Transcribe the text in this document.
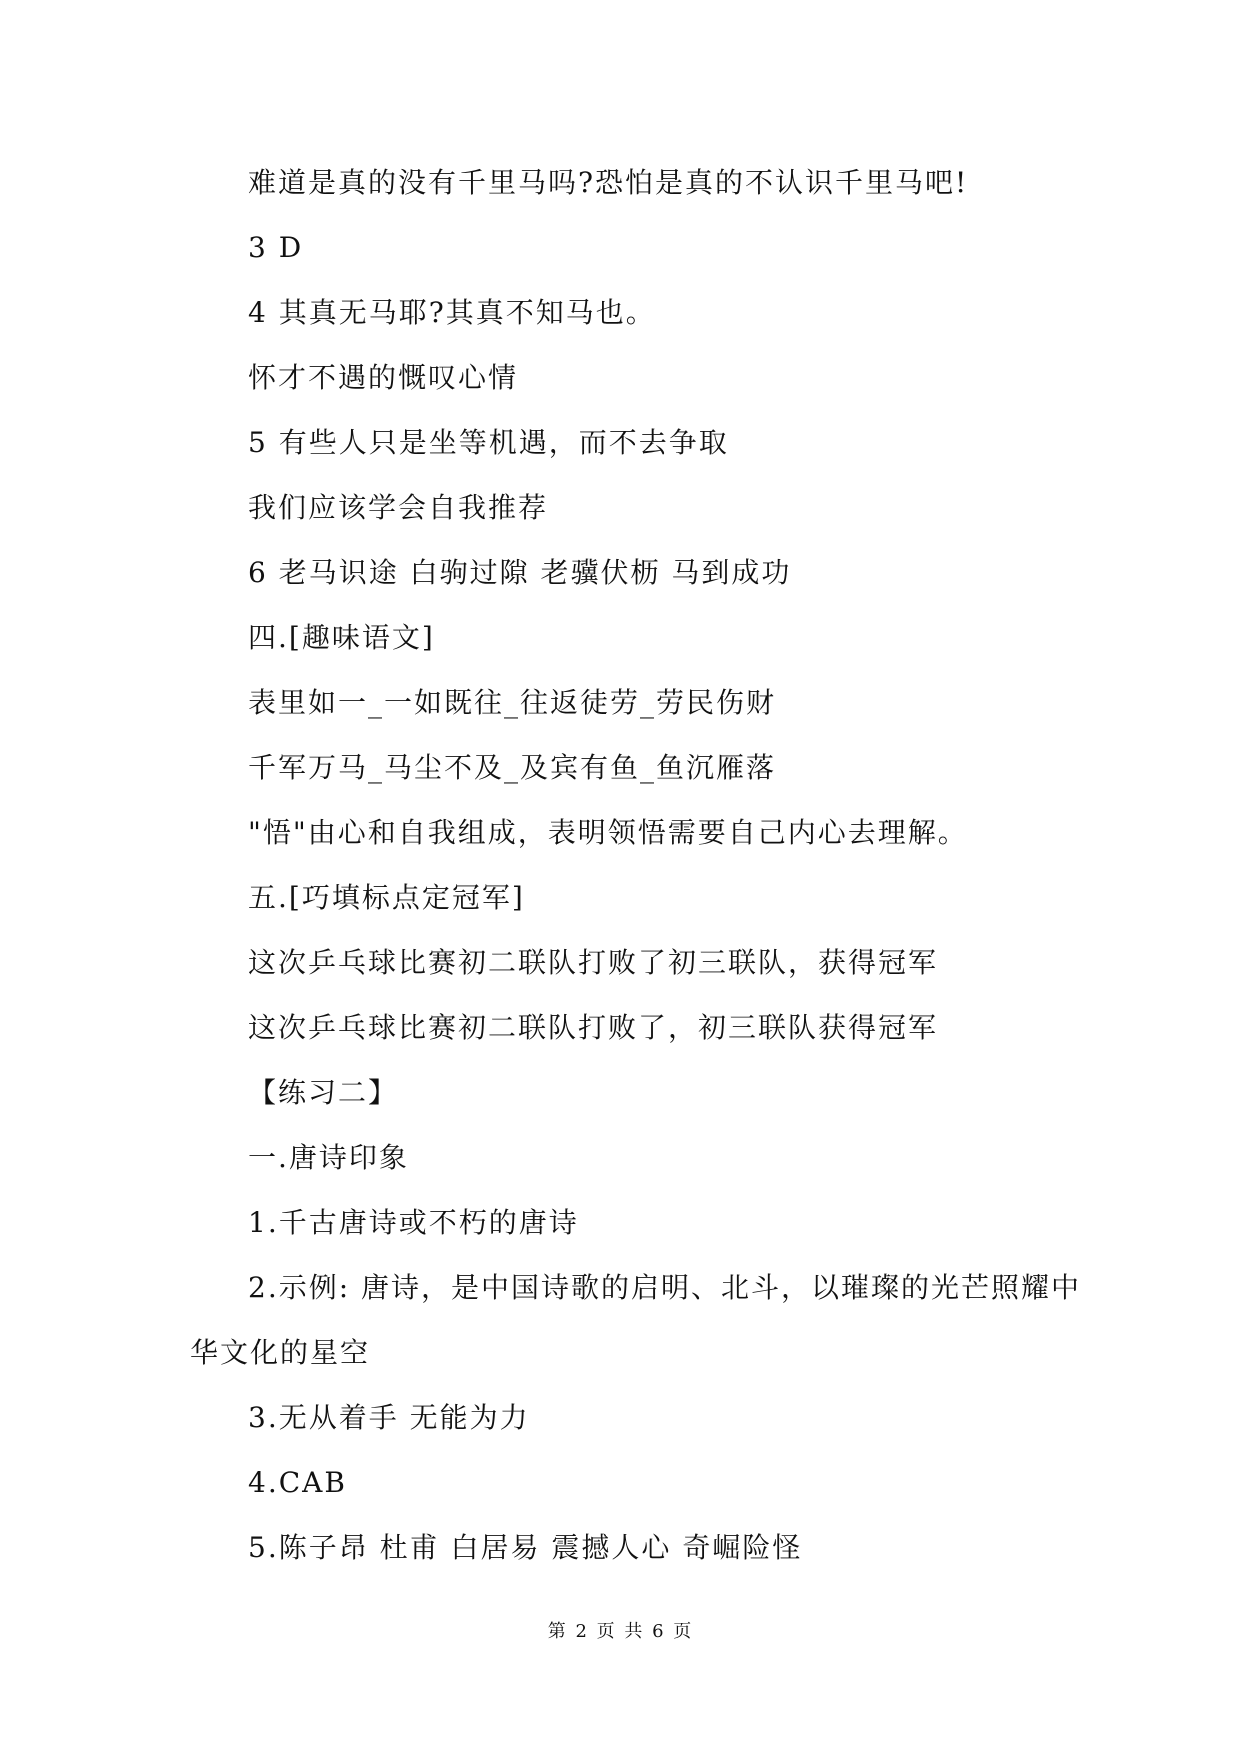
难道是真的没有千里马吗?恐怕是真的不认识千里马吧!
3 D
4 其真无马耶?其真不知马也。
怀才不遇的慨叹心情
5 有些人只是坐等机遇，而不去争取
我们应该学会自我推荐
6 老马识途 白驹过隙 老骥伏枥 马到成功
四.[趣味语文]
表里如一_一如既往_往返徒劳_劳民伤财
千军万马_马尘不及_及宾有鱼_鱼沉雁落
"悟"由心和自我组成，表明领悟需要自己内心去理解。
五.[巧填标点定冠军]
这次乒乓球比赛初二联队打败了初三联队，获得冠军
这次乒乓球比赛初二联队打败了，初三联队获得冠军
【练习二】
一.唐诗印象
1.千古唐诗或不朽的唐诗
2.示例: 唐诗，是中国诗歌的启明、北斗，以璀璨的光芒照耀中
华文化的星空
3.无从着手 无能为力
4.CAB
5.陈子昂 杜甫 白居易 震撼人心 奇崛险怪
第 2 页 共 6 页
